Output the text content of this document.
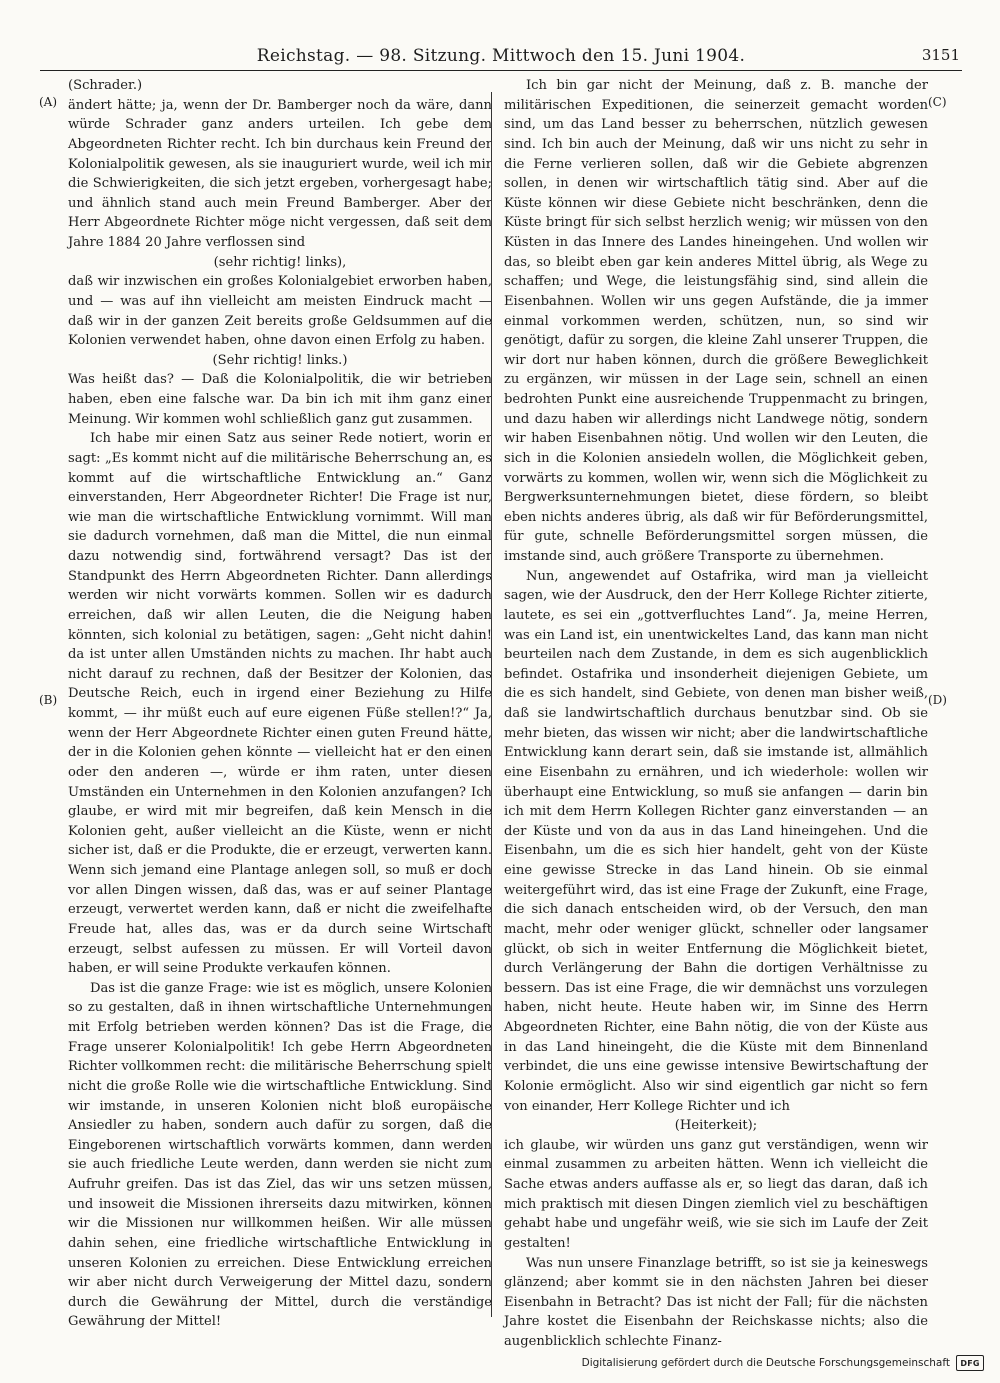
Reichstag. — 98. Sitzung. Mittwoch den 15. Juni 1904.	3151
(A)
(B)
(C)
(D)

(Schrader.)

ändert hätte; ja, wenn der Dr. Bamberger noch da wäre, dann würde Schrader ganz anders urteilen. Ich gebe dem Abgeordneten Richter recht. Ich bin durchaus kein Freund der Kolonialpolitik gewesen, als sie inauguriert wurde, weil ich mir die Schwierigkeiten, die sich jetzt ergeben, vorhergesagt habe; und ähnlich stand auch mein Freund Bamberger. Aber der Herr Abgeordnete Richter möge nicht vergessen, daß seit dem Jahre 1884 20 Jahre verflossen sind

(sehr richtig! links),

daß wir inzwischen ein großes Kolonialgebiet erworben haben, und — was auf ihn vielleicht am meisten Eindruck macht — daß wir in der ganzen Zeit bereits große Geldsummen auf die Kolonien verwendet haben, ohne davon einen Erfolg zu haben.

(Sehr richtig! links.)

Was heißt das? — Daß die Kolonialpolitik, die wir betrieben haben, eben eine falsche war. Da bin ich mit ihm ganz einer Meinung. Wir kommen wohl schließlich ganz gut zusammen.

Ich habe mir einen Satz aus seiner Rede notiert, worin er sagt: „Es kommt nicht auf die militärische Beherrschung an, es kommt auf die wirtschaftliche Entwicklung an.“ Ganz einverstanden, Herr Abgeordneter Richter! Die Frage ist nur, wie man die wirtschaftliche Entwicklung vornimmt. Will man sie dadurch vornehmen, daß man die Mittel, die nun einmal dazu notwendig sind, fortwährend versagt? Das ist der Standpunkt des Herrn Abgeordneten Richter. Dann allerdings werden wir nicht vorwärts kommen. Sollen wir es dadurch erreichen, daß wir allen Leuten, die die Neigung haben könnten, sich kolonial zu betätigen, sagen: „Geht nicht dahin! da ist unter allen Umständen nichts zu machen. Ihr habt auch nicht darauf zu rechnen, daß der Besitzer der Kolonien, das Deutsche Reich, euch in irgend einer Beziehung zu Hilfe kommt, — ihr müßt euch auf eure eigenen Füße stellen!?“ Ja, wenn der Herr Abgeordnete Richter einen guten Freund hätte, der in die Kolonien gehen könnte — vielleicht hat er den einen oder den anderen —, würde er ihm raten, unter diesen Umständen ein Unternehmen in den Kolonien anzufangen? Ich glaube, er wird mit mir begreifen, daß kein Mensch in die Kolonien geht, außer vielleicht an die Küste, wenn er nicht sicher ist, daß er die Produkte, die er erzeugt, verwerten kann. Wenn sich jemand eine Plantage anlegen soll, so muß er doch vor allen Dingen wissen, daß das, was er auf seiner Plantage erzeugt, verwertet werden kann, daß er nicht die zweifelhafte Freude hat, alles das, was er da durch seine Wirtschaft erzeugt, selbst aufessen zu müssen. Er will Vorteil davon haben, er will seine Produkte verkaufen können.

Das ist die ganze Frage: wie ist es möglich, unsere Kolonien so zu gestalten, daß in ihnen wirtschaftliche Unternehmungen mit Erfolg betrieben werden können? Das ist die Frage, die Frage unserer Kolonialpolitik! Ich gebe Herrn Abgeordneten Richter vollkommen recht: die militärische Beherrschung spielt nicht die große Rolle wie die wirtschaftliche Entwicklung. Sind wir imstande, in unseren Kolonien nicht bloß europäische Ansiedler zu haben, sondern auch dafür zu sorgen, daß die Eingeborenen wirtschaftlich vorwärts kommen, dann werden sie auch friedliche Leute werden, dann werden sie nicht zum Aufruhr greifen. Das ist das Ziel, das wir uns setzen müssen, und insoweit die Missionen ihrerseits dazu mitwirken, können wir die Missionen nur willkommen heißen. Wir alle müssen dahin sehen, eine friedliche wirtschaftliche Entwicklung in unseren Kolonien zu erreichen. Diese Entwicklung erreichen wir aber nicht durch Verweigerung der Mittel dazu, sondern durch die Gewährung der Mittel, durch die verständige Gewährung der Mittel!

Ich bin gar nicht der Meinung, daß z. B. manche der militärischen Expeditionen, die seinerzeit gemacht worden sind, um das Land besser zu beherrschen, nützlich gewesen sind. Ich bin auch der Meinung, daß wir uns nicht zu sehr in die Ferne verlieren sollen, daß wir die Gebiete abgrenzen sollen, in denen wir wirtschaftlich tätig sind. Aber auf die Küste können wir diese Gebiete nicht beschränken, denn die Küste bringt für sich selbst herzlich wenig; wir müssen von den Küsten in das Innere des Landes hineingehen. Und wollen wir das, so bleibt eben gar kein anderes Mittel übrig, als Wege zu schaffen; und Wege, die leistungsfähig sind, sind allein die Eisenbahnen. Wollen wir uns gegen Aufstände, die ja immer einmal vorkommen werden, schützen, nun, so sind wir genötigt, dafür zu sorgen, die kleine Zahl unserer Truppen, die wir dort nur haben können, durch die größere Beweglichkeit zu ergänzen, wir müssen in der Lage sein, schnell an einen bedrohten Punkt eine ausreichende Truppenmacht zu bringen, und dazu haben wir allerdings nicht Landwege nötig, sondern wir haben Eisenbahnen nötig. Und wollen wir den Leuten, die sich in die Kolonien ansiedeln wollen, die Möglichkeit geben, vorwärts zu kommen, wollen wir, wenn sich die Möglichkeit zu Bergwerksunternehmungen bietet, diese fördern, so bleibt eben nichts anderes übrig, als daß wir für Beförderungsmittel, für gute, schnelle Beförderungsmittel sorgen müssen, die imstande sind, auch größere Transporte zu übernehmen.

Nun, angewendet auf Ostafrika, wird man ja vielleicht sagen, wie der Ausdruck, den der Herr Kollege Richter zitierte, lautete, es sei ein „gottverfluchtes Land“. Ja, meine Herren, was ein Land ist, ein unentwickeltes Land, das kann man nicht beurteilen nach dem Zustande, in dem es sich augenblicklich befindet. Ostafrika und insonderheit diejenigen Gebiete, um die es sich handelt, sind Gebiete, von denen man bisher weiß, daß sie landwirtschaftlich durchaus benutzbar sind. Ob sie mehr bieten, das wissen wir nicht; aber die landwirtschaftliche Entwicklung kann derart sein, daß sie imstande ist, allmählich eine Eisenbahn zu ernähren, und ich wiederhole: wollen wir überhaupt eine Entwicklung, so muß sie anfangen — darin bin ich mit dem Herrn Kollegen Richter ganz einverstanden — an der Küste und von da aus in das Land hineingehen. Und die Eisenbahn, um die es sich hier handelt, geht von der Küste eine gewisse Strecke in das Land hinein. Ob sie einmal weitergeführt wird, das ist eine Frage der Zukunft, eine Frage, die sich danach entscheiden wird, ob der Versuch, den man macht, mehr oder weniger glückt, schneller oder langsamer glückt, ob sich in weiter Entfernung die Möglichkeit bietet, durch Verlängerung der Bahn die dortigen Verhältnisse zu bessern. Das ist eine Frage, die wir demnächst uns vorzulegen haben, nicht heute. Heute haben wir, im Sinne des Herrn Abgeordneten Richter, eine Bahn nötig, die von der Küste aus in das Land hineingeht, die die Küste mit dem Binnenland verbindet, die uns eine gewisse intensive Bewirtschaftung der Kolonie ermöglicht. Also wir sind eigentlich gar nicht so fern von einander, Herr Kollege Richter und ich

(Heiterkeit);

ich glaube, wir würden uns ganz gut verständigen, wenn wir einmal zusammen zu arbeiten hätten. Wenn ich vielleicht die Sache etwas anders auffasse als er, so liegt das daran, daß ich mich praktisch mit diesen Dingen ziemlich viel zu beschäftigen gehabt habe und ungefähr weiß, wie sie sich im Laufe der Zeit gestalten!

Was nun unsere Finanzlage betrifft, so ist sie ja keineswegs glänzend; aber kommt sie in den nächsten Jahren bei dieser Eisenbahn in Betracht? Das ist nicht der Fall; für die nächsten Jahre kostet die Eisenbahn der Reichskasse nichts; also die augenblicklich schlechte Finanz-

Digitalisierung gefördert durch die Deutsche Forschungsgemeinschaft	DFG
